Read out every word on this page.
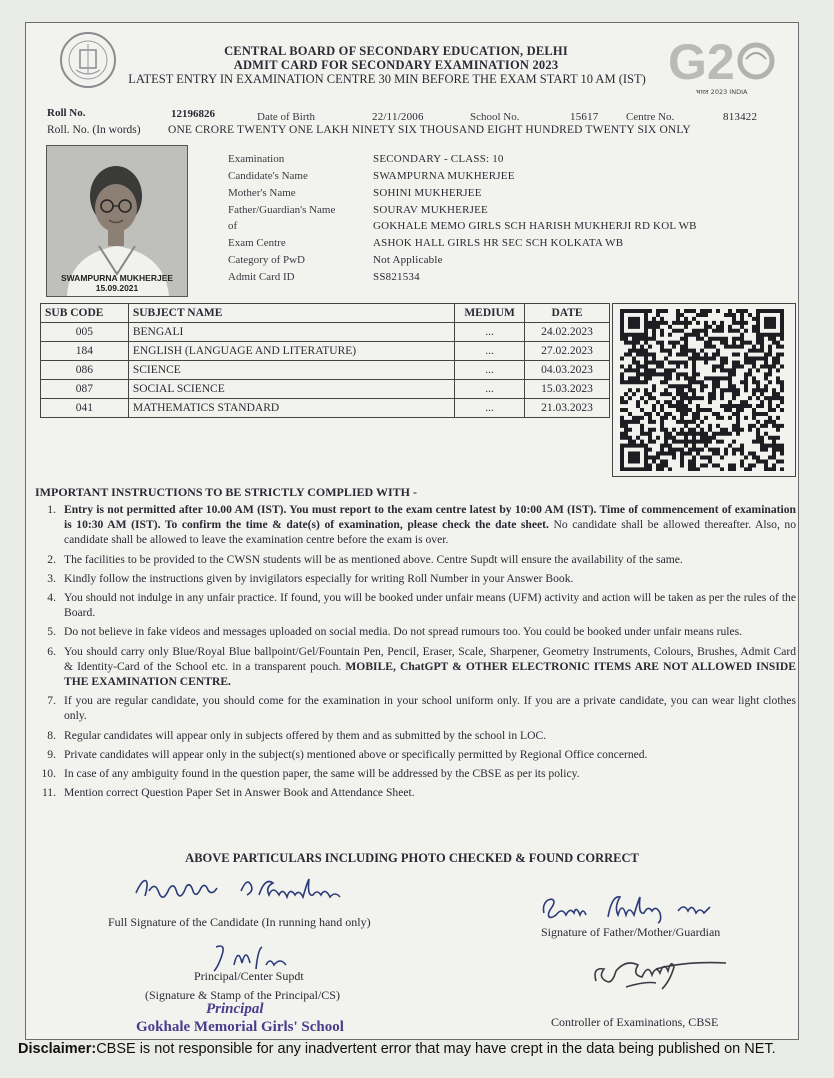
G2
भारत 2023 INDIA
CENTRAL BOARD OF SECONDARY EDUCATION, DELHI
ADMIT CARD FOR SECONDARY EXAMINATION 2023
LATEST ENTRY IN EXAMINATION CENTRE 30 MIN BEFORE THE EXAM START 10 AM (IST)
Roll No.	12196826	Date of Birth	22/11/2006	School No.	15617	Centre No.	813422
Roll. No. (In words) ONE CRORE TWENTY ONE LAKH NINETY SIX THOUSAND EIGHT HUNDRED TWENTY SIX ONLY
SWAMPURNA MUKHERJEE
15.09.2021
Examination	SECONDARY - CLASS: 10
Candidate's Name	SWAMPURNA MUKHERJEE
Mother's Name	SOHINI MUKHERJEE
Father/Guardian's Name	SOURAV MUKHERJEE
of	GOKHALE MEMO GIRLS SCH HARISH MUKHERJI RD KOL WB
Exam Centre	ASHOK HALL GIRLS HR SEC SCH KOLKATA WB
Category of PwD	Not Applicable
Admit Card ID	SS821534
SUB CODE	SUBJECT NAME	MEDIUM	DATE
005	BENGALI	...	24.02.2023
184	ENGLISH (LANGUAGE AND LITERATURE)	...	27.02.2023
086	SCIENCE	...	04.03.2023
087	SOCIAL SCIENCE	...	15.03.2023
041	MATHEMATICS STANDARD	...	21.03.2023
IMPORTANT INSTRUCTIONS TO BE STRICTLY COMPLIED WITH -
1. Entry is not permitted after 10.00 AM (IST). You must report to the exam centre latest by 10:00 AM (IST). Time of commencement of examination is 10:30 AM (IST). To confirm the time & date(s) of examination, please check the date sheet. No candidate shall be allowed thereafter. Also, no candidate shall be allowed to leave the examination centre before the exam is over.
2. The facilities to be provided to the CWSN students will be as mentioned above. Centre Supdt will ensure the availability of the same.
3. Kindly follow the instructions given by invigilators especially for writing Roll Number in your Answer Book.
4. You should not indulge in any unfair practice. If found, you will be booked under unfair means (UFM) activity and action will be taken as per the rules of the Board.
5. Do not believe in fake videos and messages uploaded on social media. Do not spread rumours too. You could be booked under unfair means rules.
6. You should carry only Blue/Royal Blue ballpoint/Gel/Fountain Pen, Pencil, Eraser, Scale, Sharpener, Geometry Instruments, Colours, Brushes, Admit Card & Identity-Card of the School etc. in a transparent pouch. MOBILE, ChatGPT & OTHER ELECTRONIC ITEMS ARE NOT ALLOWED INSIDE THE EXAMINATION CENTRE.
7. If you are regular candidate, you should come for the examination in your school uniform only. If you are a private candidate, you can wear light clothes only.
8. Regular candidates will appear only in subjects offered by them and as submitted by the school in LOC.
9. Private candidates will appear only in the subject(s) mentioned above or specifically permitted by Regional Office concerned.
10. In case of any ambiguity found in the question paper, the same will be addressed by the CBSE as per its policy.
11. Mention correct Question Paper Set in Answer Book and Attendance Sheet.
ABOVE PARTICULARS INCLUDING PHOTO CHECKED & FOUND CORRECT
Full Signature of the Candidate (In running hand only)
Signature of Father/Mother/Guardian
Principal/Center Supdt
(Signature & Stamp of the Principal/CS)
Principal
Gokhale Memorial Girls' School	Controller of Examinations, CBSE
Disclaimer:CBSE is not responsible for any inadvertent error that may have crept in the data being published on NET.
